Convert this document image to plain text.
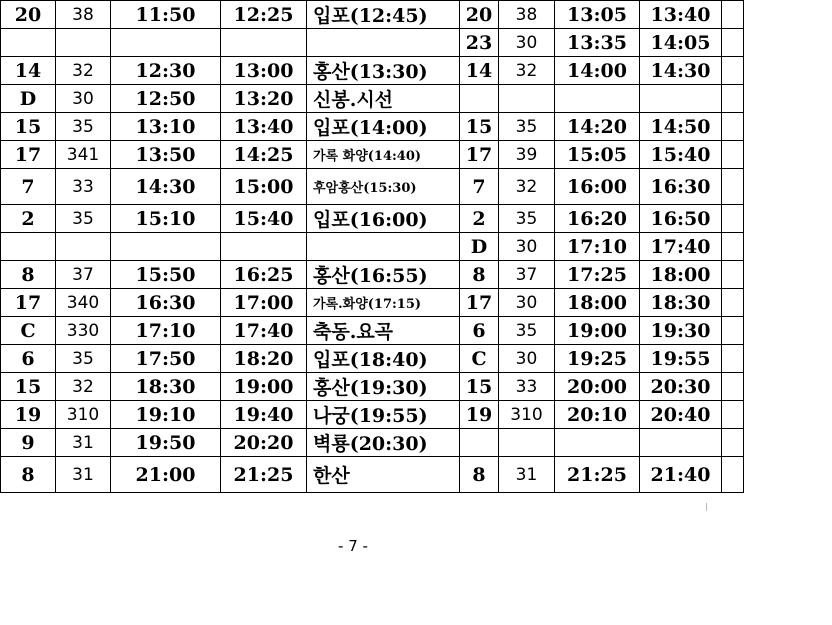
20	38	11:50	12:25	입포(12:45)	20	38	13:05	13:40	
					23	30	13:35	14:05	
14	32	12:30	13:00	홍산(13:30)	14	32	14:00	14:30	
D	30	12:50	13:20	신봉.시선					
15	35	13:10	13:40	입포(14:00)	15	35	14:20	14:50	
17	341	13:50	14:25	가록 화양(14:40)	17	39	15:05	15:40	
7	33	14:30	15:00	후암홍산(15:30)	7	32	16:00	16:30	
2	35	15:10	15:40	입포(16:00)	2	35	16:20	16:50	
					D	30	17:10	17:40	
8	37	15:50	16:25	홍산(16:55)	8	37	17:25	18:00	
17	340	16:30	17:00	가록.화양(17:15)	17	30	18:00	18:30	
C	330	17:10	17:40	축동.요곡	6	35	19:00	19:30	
6	35	17:50	18:20	입포(18:40)	C	30	19:25	19:55	
15	32	18:30	19:00	홍산(19:30)	15	33	20:00	20:30	
19	310	19:10	19:40	나궁(19:55)	19	310	20:10	20:40	
9	31	19:50	20:20	벽룡(20:30)					
8	31	21:00	21:25	한산	8	31	21:25	21:40	
- 7 -
